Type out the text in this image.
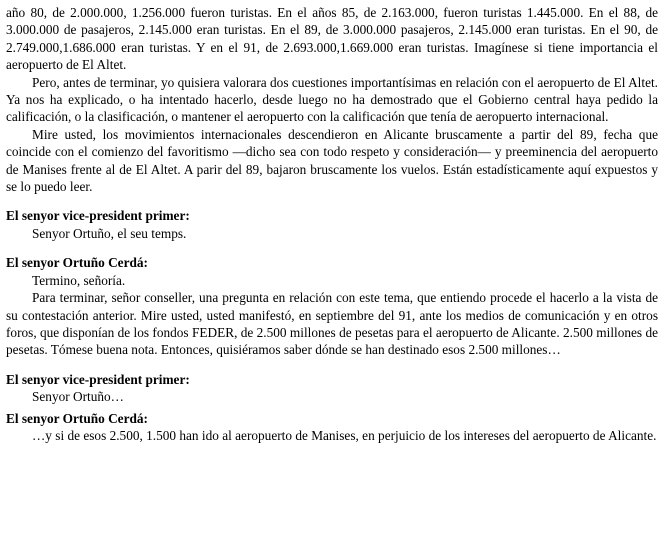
año 80, de 2.000.000, 1.256.000 fueron turistas. En el años 85, de 2.163.000, fueron turistas 1.445.000. En el 88, de 3.000.000 de pasajeros, 2.145.000 eran turistas. En el 89, de 3.000.000 pasajeros, 2.145.000 eran turistas. En el 90, de 2.749.000,1.686.000 eran turistas. Y en el 91, de 2.693.000,1.669.000 eran turistas. Imagínese si tiene importancia el aeropuerto de El Altet.

Pero, antes de terminar, yo quisiera valorara dos cuestiones importantísimas en relación con el aeropuerto de El Altet. Ya nos ha explicado, o ha intentado hacerlo, desde luego no ha demostrado que el Gobierno central haya pedido la calificación, o la clasificación, o mantener el aeropuerto con la calificación que tenía de aeropuerto internacional.

Mire usted, los movimientos internacionales descendieron en Alicante bruscamente a partir del 89, fecha que coincide con el comienzo del favoritismo —dicho sea con todo respeto y consideración— y preeminencia del aeropuerto de Manises frente al de El Altet. A parir del 89, bajaron bruscamente los vuelos. Están estadísticamente aquí expuestos y se lo puedo leer.

El senyor vice-president primer:

Senyor Ortuño, el seu temps.

El senyor Ortuño Cerdá:

Termino, señoría.

Para terminar, señor conseller, una pregunta en relación con este tema, que entiendo procede el hacerlo a la vista de su contestación anterior. Mire usted, usted manifestó, en septiembre del 91, ante los medios de comunicación y en otros foros, que disponían de los fondos FEDER, de 2.500 millones de pesetas para el aeropuerto de Alicante. 2.500 millones de pesetas. Tómese buena nota. Entonces, quisiéramos saber dónde se han destinado esos 2.500 millones…

El senyor vice-president primer:

Senyor Ortuño…

El senyor Ortuño Cerdá:

…y si de esos 2.500, 1.500 han ido al aeropuerto de Manises, en perjuicio de los intereses del aeropuerto de Alicante.
